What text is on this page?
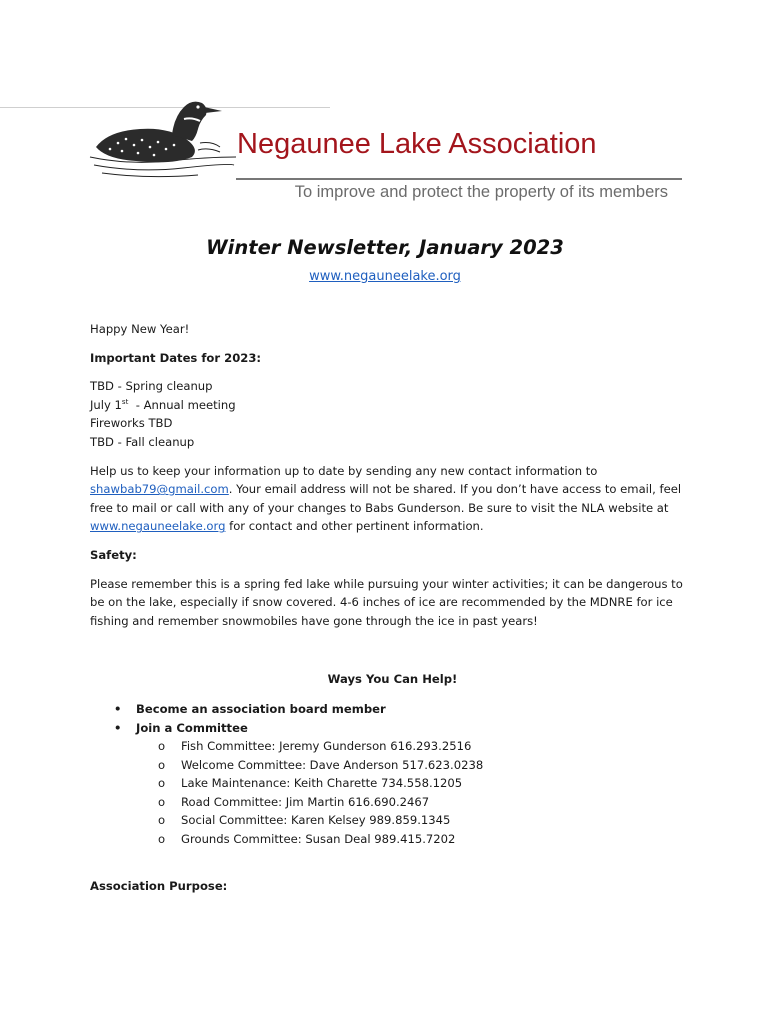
Negaunee Lake Association
To improve and protect the property of its members
Winter Newsletter, January 2023
www.negauneelake.org

Happy New Year!

Important Dates for 2023:

TBD - Spring cleanup

July 1st  - Annual meeting

Fireworks TBD

TBD - Fall cleanup

Help us to keep your information up to date by sending any new contact information to shawbab79@gmail.com. Your email address will not be shared. If you don’t have access to email, feel free to mail or call with any of your changes to Babs Gunderson. Be sure to visit the NLA website at www.negauneelake.org for contact and other pertinent information.

Safety:

Please remember this is a spring fed lake while pursuing your winter activities; it can be dangerous to be on the lake, especially if snow covered. 4-6 inches of ice are recommended by the MDNRE for ice fishing and remember snowmobiles have gone through the ice in past years!

Ways You Can Help!

• Become an association board member
• Join a Committee
o Fish Committee: Jeremy Gunderson 616.293.2516
o Welcome Committee: Dave Anderson 517.623.0238
o Lake Maintenance: Keith Charette 734.558.1205
o Road Committee: Jim Martin 616.690.2467
o Social Committee: Karen Kelsey 989.859.1345
o Grounds Committee: Susan Deal 989.415.7202

Association Purpose:
